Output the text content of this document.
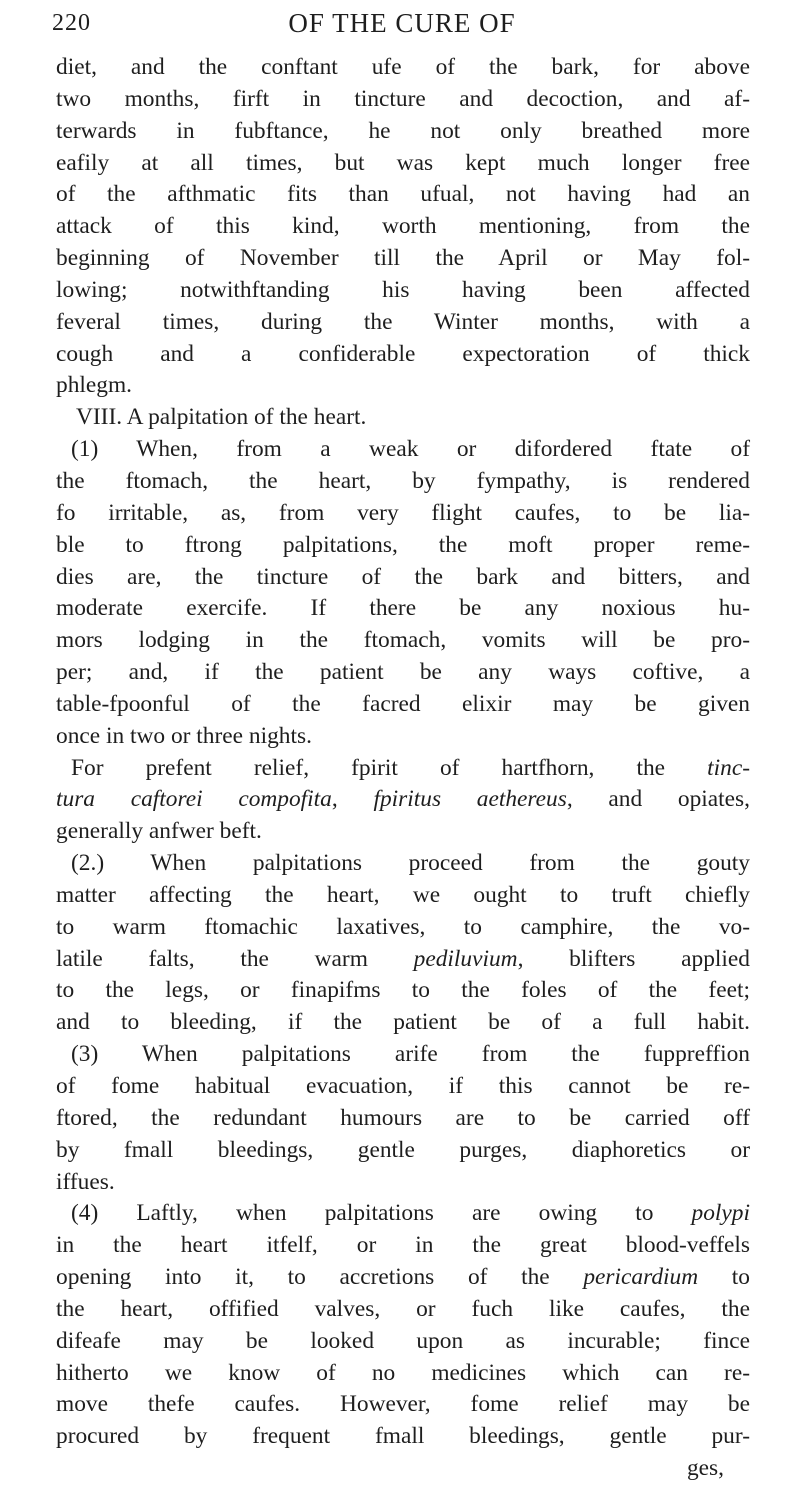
220	OF THE CURE OF
diet, and the conftant ufe of the bark, for above
two months, firft in tincture and decoction, and af-
terwards in fubftance, he not only breathed more
eafily at all times, but was kept much longer free
of the afthmatic fits than ufual, not having had an
attack of this kind, worth mentioning, from the
beginning of November till the April or May fol-
lowing; notwithftanding his having been affected
feveral times, during the Winter months, with a
cough and a confiderable expectoration of thick
phlegm.
VIII. A palpitation of the heart.
(1) When, from a weak or difordered ftate of
the ftomach, the heart, by fympathy, is rendered
fo irritable, as, from very flight caufes, to be lia-
ble to ftrong palpitations, the moft proper reme-
dies are, the tincture of the bark and bitters, and
moderate exercife. If there be any noxious hu-
mors lodging in the ftomach, vomits will be pro-
per; and, if the patient be any ways coftive, a
table-fpoonful of the facred elixir may be given
once in two or three nights.
For prefent relief, fpirit of hartfhorn, the tinc-
tura caftorei compofita, fpiritus aethereus, and opiates,
generally anfwer beft.
(2.) When palpitations proceed from the gouty
matter affecting the heart, we ought to truft chiefly
to warm ftomachic laxatives, to camphire, the vo-
latile falts, the warm pediluvium, blifters applied
to the legs, or finapifms to the foles of the feet;
and to bleeding, if the patient be of a full habit.
(3) When palpitations arife from the fuppreffion
of fome habitual evacuation, if this cannot be re-
ftored, the redundant humours are to be carried off
by fmall bleedings, gentle purges, diaphoretics or
iffues.
(4) Laftly, when palpitations are owing to polypi
in the heart itfelf, or in the great blood-veffels
opening into it, to accretions of the pericardium to
the heart, offified valves, or fuch like caufes, the
difeafe may be looked upon as incurable; fince
hitherto we know of no medicines which can re-
move thefe caufes. However, fome relief may be
procured by frequent fmall bleedings, gentle pur-
ges,
